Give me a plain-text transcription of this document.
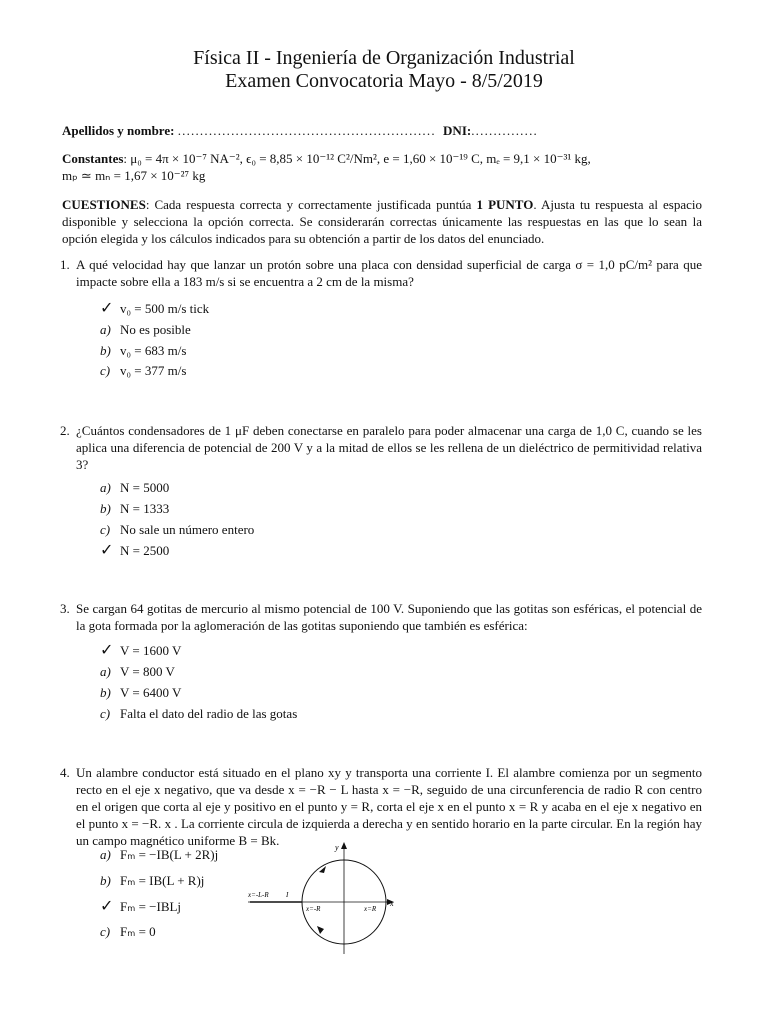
Física II - Ingeniería de Organización Industrial
Examen Convocatoria Mayo - 8/5/2019
Apellidos y nombre: .......................................................... DNI:...............
Constantes: μ₀ = 4π × 10⁻⁷ NA⁻², ϵ₀ = 8,85 × 10⁻¹² C²/Nm², e = 1,60 × 10⁻¹⁹ C, mₑ = 9,1 × 10⁻³¹ kg,
mₚ ≃ mₙ = 1,67 × 10⁻²⁷ kg
CUESTIONES: Cada respuesta correcta y correctamente justificada puntúa 1 PUNTO. Ajusta tu respuesta al espacio disponible y selecciona la opción correcta. Se considerarán correctas únicamente las respuestas en las que lo sean la opción elegida y los cálculos indicados para su obtención a partir de los datos del enunciado.
1. A qué velocidad hay que lanzar un protón sobre una placa con densidad superficial de carga σ = 1,0 pC/m² para que impacte sobre ella a 183 m/s si se encuentra a 2 cm de la misma?
✓ v₀ = 500 m/s tick
a) No es posible
b) v₀ = 683 m/s
c) v₀ = 377 m/s
2. ¿Cuántos condensadores de 1 μF deben conectarse en paralelo para poder almacenar una carga de 1,0 C, cuando se les aplica una diferencia de potencial de 200 V y a la mitad de ellos se les rellena de un dieléctrico de permitividad relativa 3?
a) N = 5000
b) N = 1333
c) No sale un número entero
✓ N = 2500
3. Se cargan 64 gotitas de mercurio al mismo potencial de 100 V. Suponiendo que las gotitas son esféricas, el potencial de la gota formada por la aglomeración de las gotitas suponiendo que también es esférica:
✓ V = 1600 V
a) V = 800 V
b) V = 6400 V
c) Falta el dato del radio de las gotas
4. Un alambre conductor está situado en el plano xy y transporta una corriente I. El alambre comienza por un segmento recto en el eje x negativo, que va desde x = −R − L hasta x = −R, seguido de una circunferencia de radio R con centro en el origen que corta al eje y positivo en el punto y = R, corta el eje x en el punto x = R y acaba en el eje x negativo en el punto x = −R. x . La corriente circula de izquierda a derecha y en sentido horario en la parte circular. En la región hay un campo magnético uniforme B = Bk.
a) Fₘ = −IB(L + 2R)j
b) Fₘ = IB(L + R)j
✓ Fₘ = −IBLj
c) Fₘ = 0
y
x
x=-L-R I
x=-R	x=R
